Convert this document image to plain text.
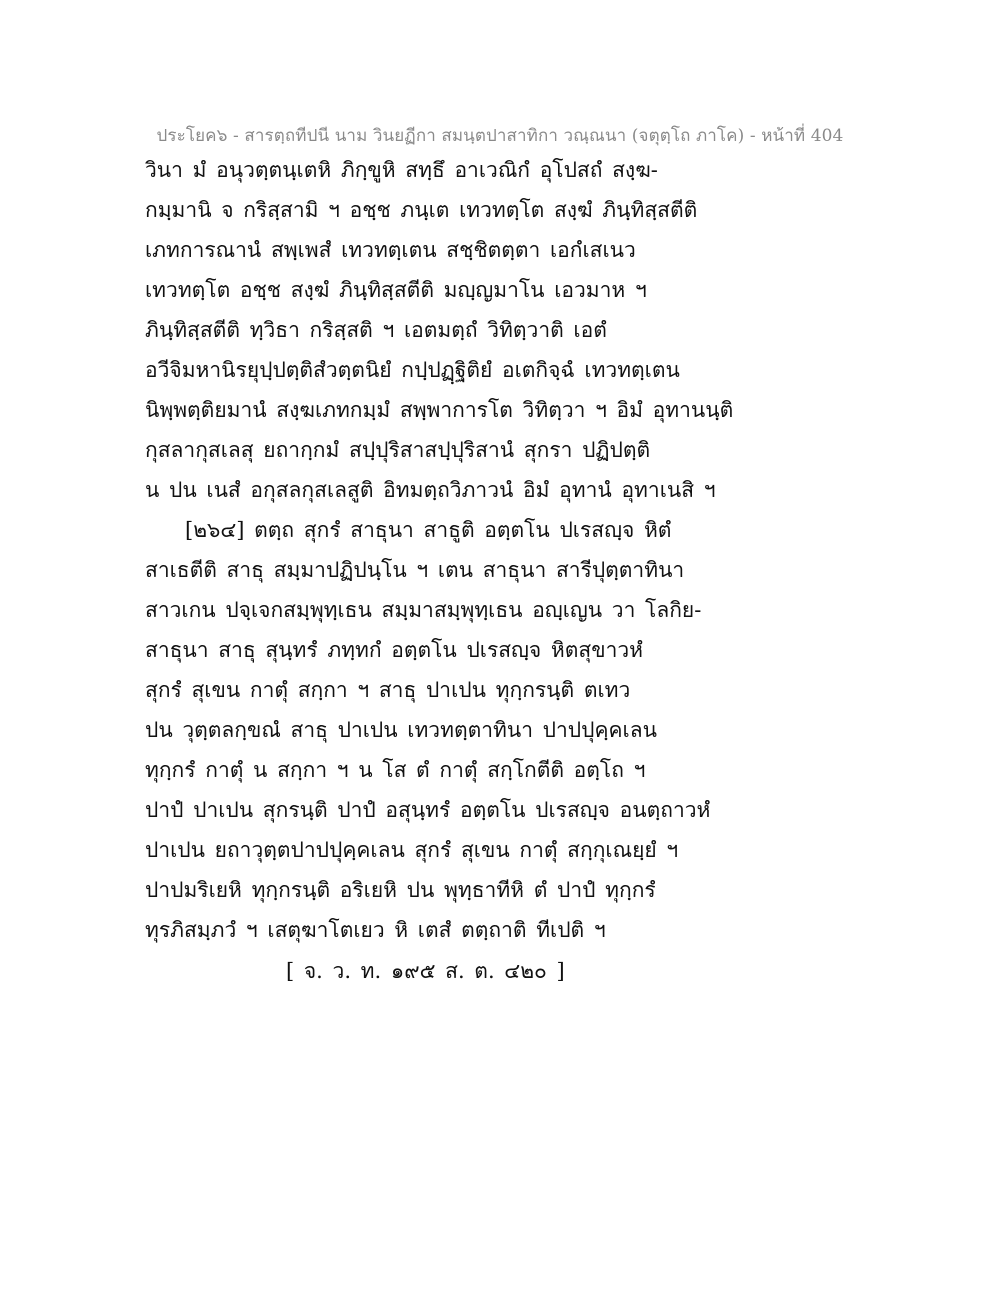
ประโยค๖ - สารตฺถทีปนี นาม วินยฏีกา สมนฺตปาสาทิกา วณฺณนา (จตุตฺโถ ภาโค) - หน้าที่ 404
วินา มํ อนุวตฺตนฺเตหิ ภิกฺขูหิ สทฺธึ อาเวณิกํ อุโปสถํ สงฺฆ-
กมฺมานิ จ กริสฺสามิ ฯ อชฺช ภนฺเต เทวทตฺโต สงฺฆํ ภินฺทิสฺสตีติ
เภทการณานํ สพฺเพสํ เทวทตฺเตน สชฺชิตตฺตา เอกํเสเนว
เทวทตฺโต อชฺช สงฺฆํ ภินฺทิสฺสตีติ มญฺญมาโน เอวมาห ฯ
ภินฺทิสฺสตีติ ทฺวิธา กริสฺสติ ฯ เอตมตฺถํ วิทิตฺวาติ เอตํ
อวีจิมหานิรยุปฺปตฺติสํวตฺตนิยํ กปฺปฏฺฐิติยํ อเตกิจฺฉํ เทวทตฺเตน
นิพฺพตฺติยมานํ สงฺฆเภทกมฺมํ สพฺพาการโต วิทิตฺวา ฯ อิมํ อุทานนฺติ
กุสลากุสเลสุ ยถากฺกมํ สปฺปุริสาสปฺปุริสานํ สุกรา ปฏิปตฺติ
น ปน เนสํ อกุสลกุสเลสูติ อิทมตฺถวิภาวนํ อิมํ อุทานํ อุทาเนสิ ฯ
[๒๖๔] ตตฺถ สุกรํ สาธุนา สาธูติ อตฺตโน ปเรสญฺจ หิตํ
สาเธตีติ สาธุ สมฺมาปฏิปนฺโน ฯ เตน สาธุนา สารีปุตฺตาทินา
สาวเกน ปจฺเจกสมฺพุทฺเธน สมฺมาสมฺพุทฺเธน อญฺเญน วา โลกิย-
สาธุนา สาธุ สุนฺทรํ ภทฺทกํ อตฺตโน ปเรสญฺจ หิตสุขาวหํ
สุกรํ สุเขน กาตุํ สกฺกา ฯ สาธุ ปาเปน ทุกฺกรนฺติ ตเทว
ปน วุตฺตลกฺขณํ สาธุ ปาเปน เทวทตฺตาทินา ปาปปุคฺคเลน
ทุกฺกรํ กาตุํ น สกฺกา ฯ น โส ตํ กาตุํ สกฺโกตีติ อตฺโถ ฯ
ปาปํ ปาเปน สุกรนฺติ ปาปํ อสุนฺทรํ อตฺตโน ปเรสญฺจ อนตฺถาวหํ
ปาเปน ยถาวุตฺตปาปปุคฺคเลน สุกรํ สุเขน กาตุํ สกฺกุเณยฺยํ ฯ
ปาปมริเยหิ ทุกฺกรนฺติ อริเยหิ ปน พุทฺธาทีหิ ตํ ปาปํ ทุกฺกรํ
ทุรภิสมฺภวํ ฯ เสตุฆาโตเยว หิ เตสํ ตตฺถาติ ทีเปติ ฯ
[ จ. ว. ท. ๑๙๕ ส. ต. ๔๒๐ ]
